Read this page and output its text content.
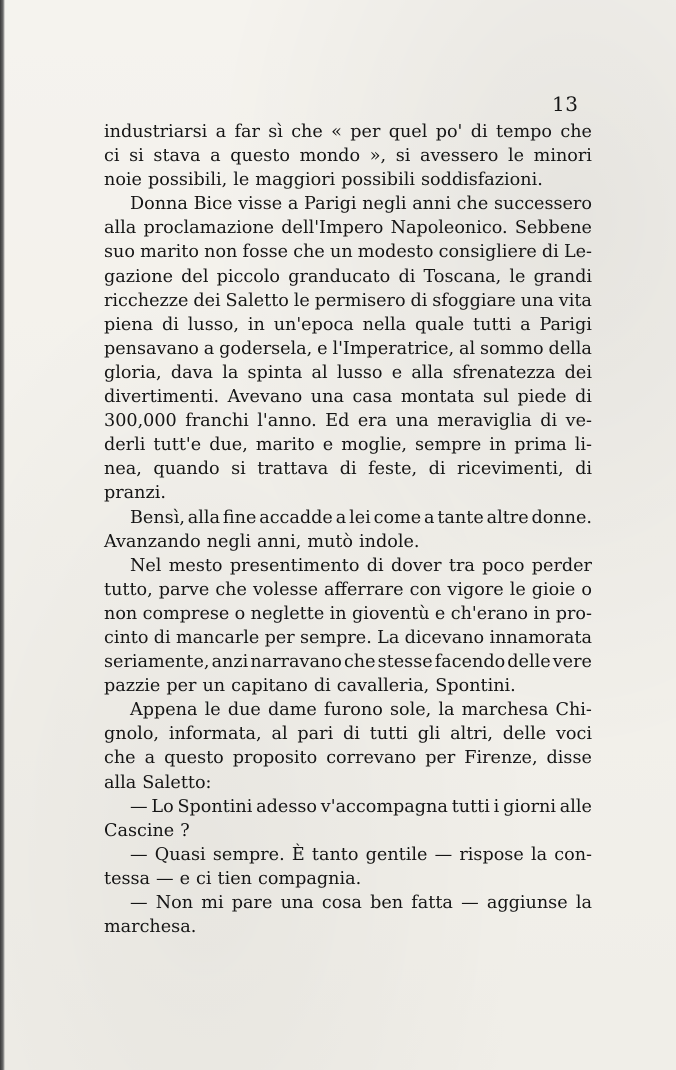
13
industriarsi a far sì che « per quel po' di tempo che
ci si stava a questo mondo », si avessero le minori
noie possibili, le maggiori possibili soddisfazioni.
Donna Bice visse a Parigi negli anni che successero
alla proclamazione dell'Impero Napoleonico. Sebbene
suo marito non fosse che un modesto consigliere di Le-
gazione del piccolo granducato di Toscana, le grandi
ricchezze dei Saletto le permisero di sfoggiare una vita
piena di lusso, in un'epoca nella quale tutti a Parigi
pensavano a godersela, e l'Imperatrice, al sommo della
gloria, dava la spinta al lusso e alla sfrenatezza dei
divertimenti. Avevano una casa montata sul piede di
300,000 franchi l'anno. Ed era una meraviglia di ve-
derli tutt'e due, marito e moglie, sempre in prima li-
nea, quando si trattava di feste, di ricevimenti, di
pranzi.
Bensì, alla fine accadde a lei come a tante altre donne.
Avanzando negli anni, mutò indole.
Nel mesto presentimento di dover tra poco perder
tutto, parve che volesse afferrare con vigore le gioie o
non comprese o neglette in gioventù e ch'erano in pro-
cinto di mancarle per sempre. La dicevano innamorata
seriamente, anzi narravano che stesse facendo delle vere
pazzie per un capitano di cavalleria, Spontini.
Appena le due dame furono sole, la marchesa Chi-
gnolo, informata, al pari di tutti gli altri, delle voci
che a questo proposito correvano per Firenze, disse
alla Saletto:
— Lo Spontini adesso v'accompagna tutti i giorni alle
Cascine ?
— Quasi sempre. È tanto gentile — rispose la con-
tessa — e ci tien compagnia.
— Non mi pare una cosa ben fatta — aggiunse la
marchesa.
